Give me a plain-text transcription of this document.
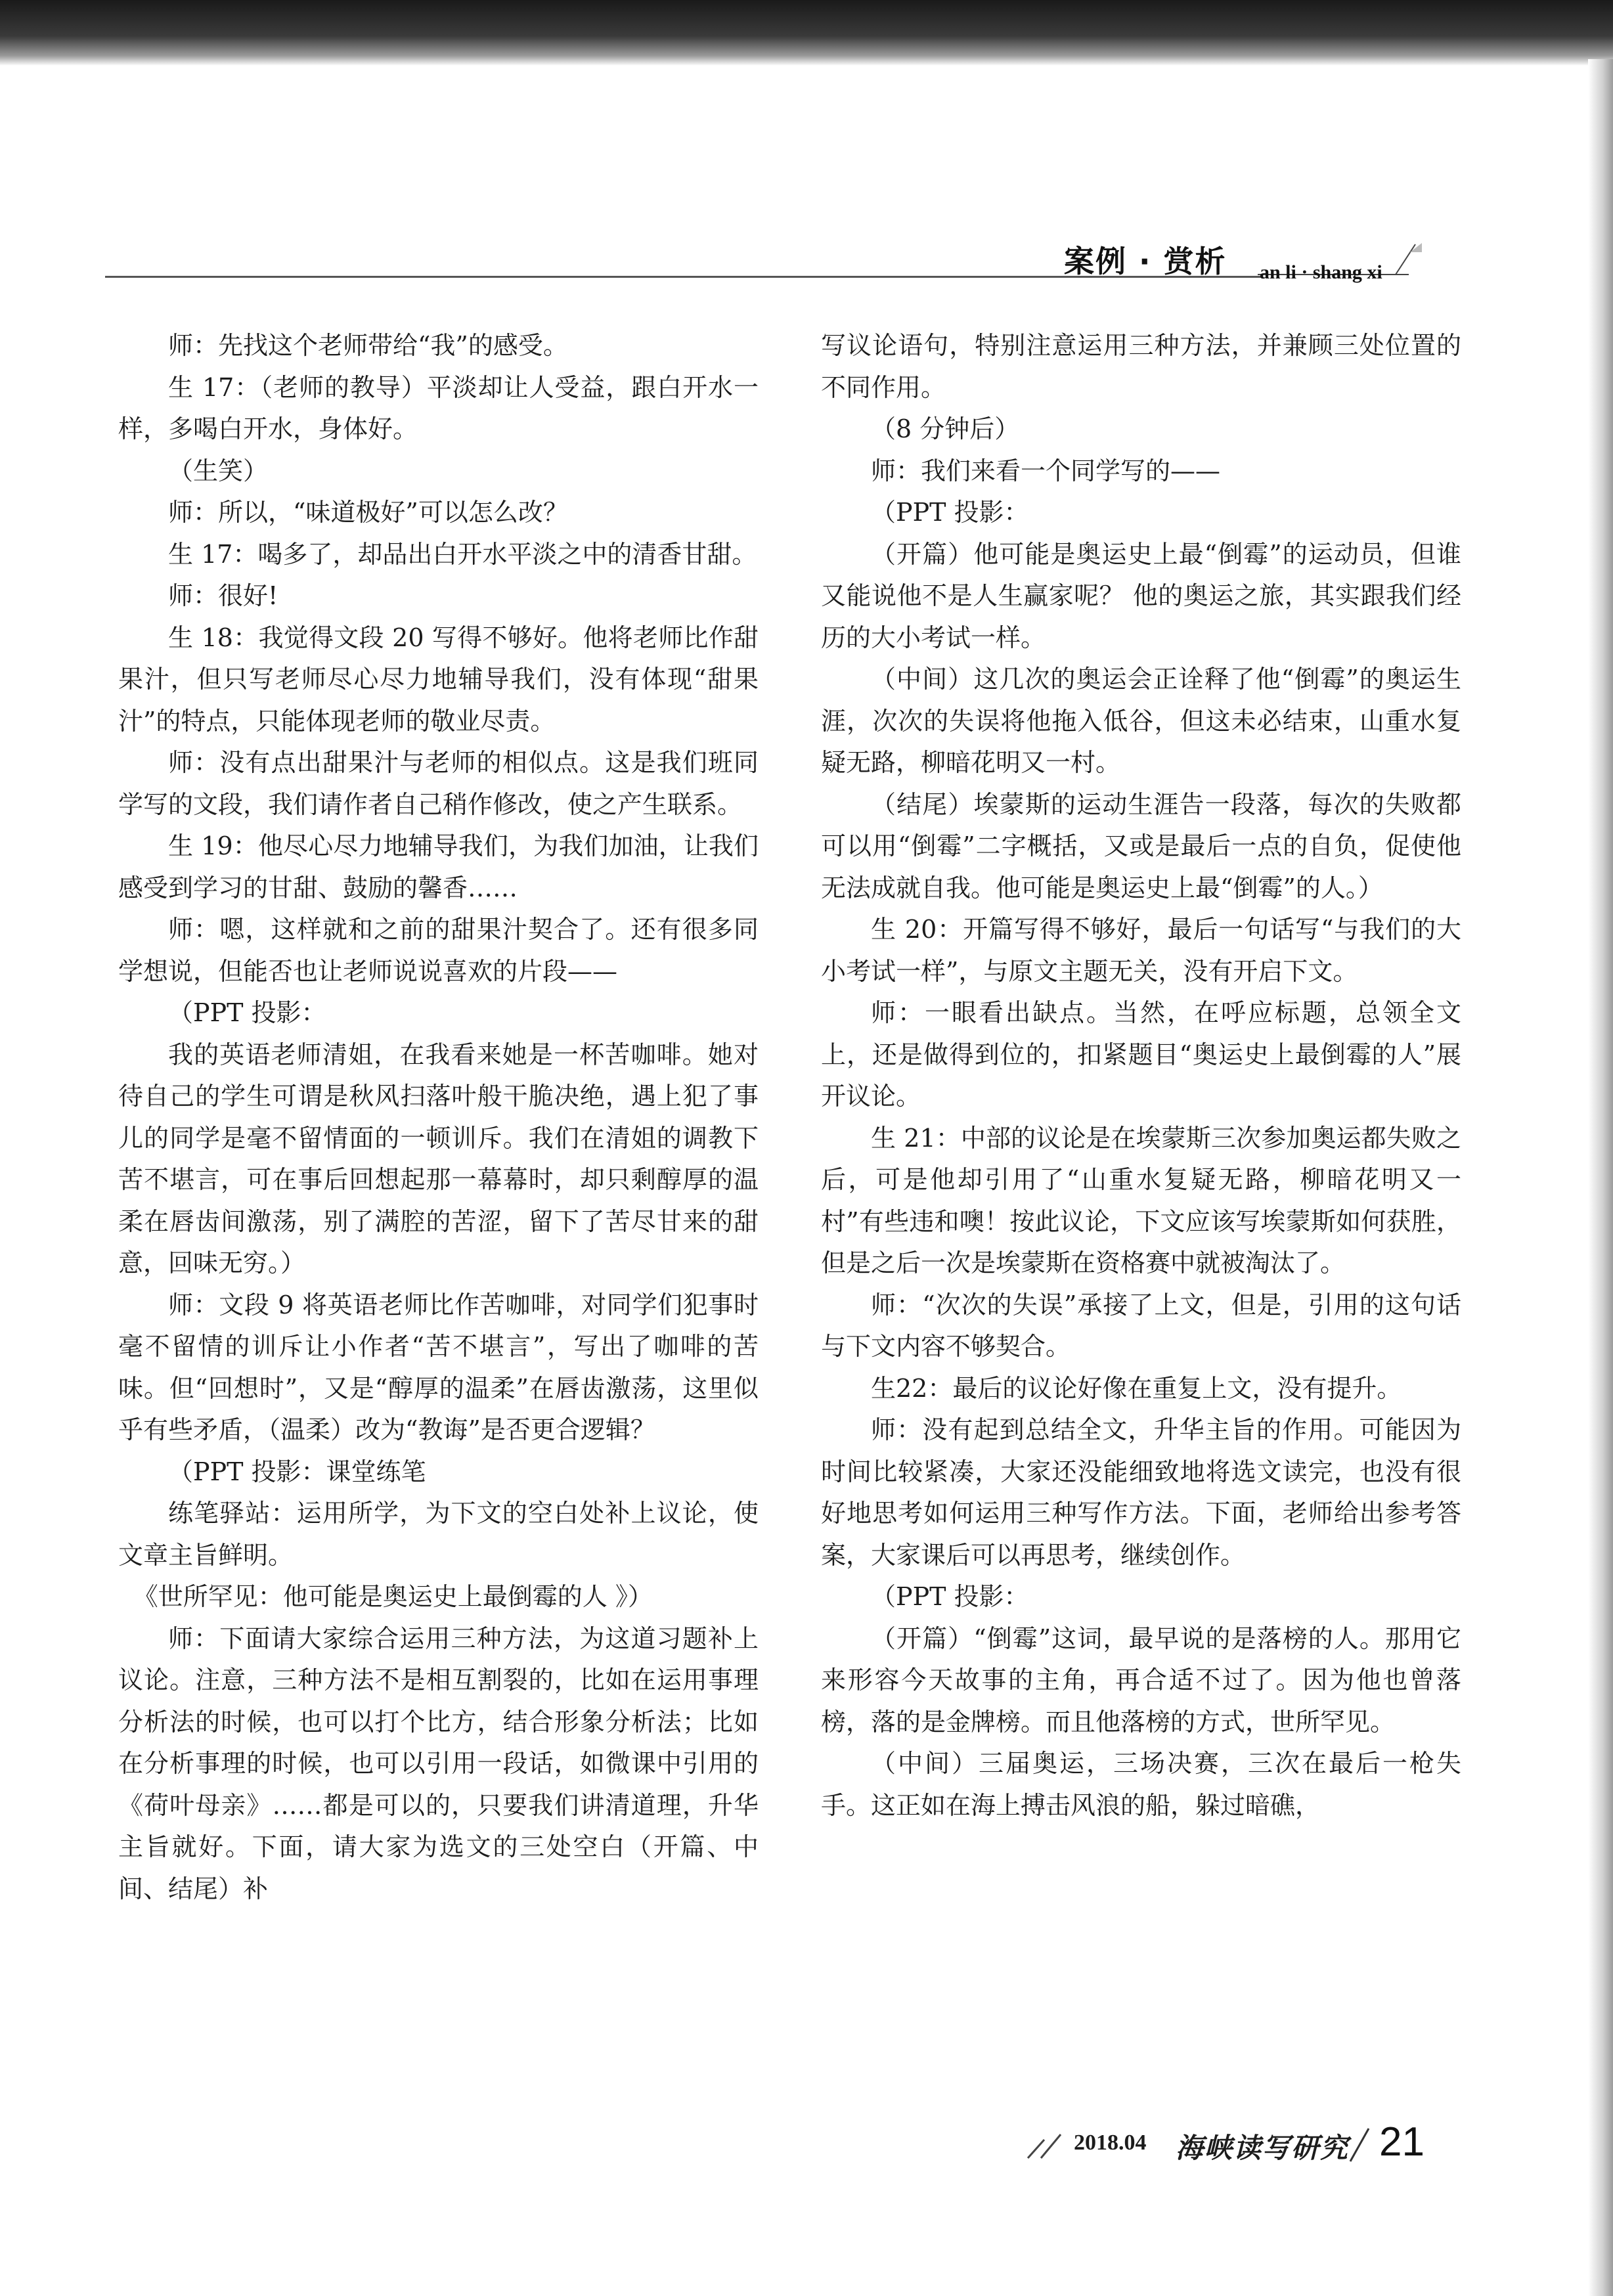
案例 · 赏析 an li · shang xi

师：先找这个老师带给“我”的感受。

生 17：（老师的教导）平淡却让人受益，跟白开水一样，多喝白开水，身体好。

（生笑）

师：所以，“味道极好”可以怎么改？

生 17：喝多了，却品出白开水平淡之中的清香甘甜。

师：很好!

生 18：我觉得文段 20 写得不够好。他将老师比作甜果汁，但只写老师尽心尽力地辅导我们，没有体现“甜果汁”的特点，只能体现老师的敬业尽责。

师：没有点出甜果汁与老师的相似点。这是我们班同学写的文段，我们请作者自己稍作修改，使之产生联系。

生 19：他尽心尽力地辅导我们，为我们加油，让我们感受到学习的甘甜、鼓励的馨香……

师：嗯，这样就和之前的甜果汁契合了。还有很多同学想说，但能否也让老师说说喜欢的片段——

（PPT 投影：

我的英语老师清姐，在我看来她是一杯苦咖啡。她对待自己的学生可谓是秋风扫落叶般干脆决绝，遇上犯了事儿的同学是毫不留情面的一顿训斥。我们在清姐的调教下苦不堪言，可在事后回想起那一幕幕时，却只剩醇厚的温柔在唇齿间激荡，别了满腔的苦涩，留下了苦尽甘来的甜意，回味无穷。）

师：文段 9 将英语老师比作苦咖啡，对同学们犯事时毫不留情的训斥让小作者“苦不堪言”，写出了咖啡的苦味。但“回想时”，又是“醇厚的温柔”在唇齿激荡，这里似乎有些矛盾，（温柔）改为“教诲”是否更合逻辑？

（PPT 投影：课堂练笔

练笔驿站：运用所学，为下文的空白处补上议论，使文章主旨鲜明。

《世所罕见：他可能是奥运史上最倒霉的人 》）

师：下面请大家综合运用三种方法，为这道习题补上议论。注意，三种方法不是相互割裂的，比如在运用事理分析法的时候，也可以打个比方，结合形象分析法；比如在分析事理的时候，也可以引用一段话，如微课中引用的《荷叶母亲》……都是可以的，只要我们讲清道理，升华主旨就好。下面，请大家为选文的三处空白（开篇、中间、结尾）补

写议论语句，特别注意运用三种方法，并兼顾三处位置的不同作用。

（8 分钟后）

师：我们来看一个同学写的——

（PPT 投影：

（开篇）他可能是奥运史上最“倒霉”的运动员，但谁又能说他不是人生赢家呢？ 他的奥运之旅，其实跟我们经历的大小考试一样。

（中间）这几次的奥运会正诠释了他“倒霉”的奥运生涯，次次的失误将他拖入低谷，但这未必结束，山重水复疑无路，柳暗花明又一村。

（结尾）埃蒙斯的运动生涯告一段落，每次的失败都可以用“倒霉”二字概括，又或是最后一点的自负，促使他无法成就自我。他可能是奥运史上最“倒霉”的人。）

生 20：开篇写得不够好，最后一句话写“与我们的大小考试一样”，与原文主题无关，没有开启下文。

师：一眼看出缺点。当然，在呼应标题，总领全文上，还是做得到位的，扣紧题目“奥运史上最倒霉的人”展开议论。

生 21：中部的议论是在埃蒙斯三次参加奥运都失败之后，可是他却引用了“山重水复疑无路，柳暗花明又一村”有些违和噢！按此议论，下文应该写埃蒙斯如何获胜，但是之后一次是埃蒙斯在资格赛中就被淘汰了。

师：“次次的失误”承接了上文，但是，引用的这句话与下文内容不够契合。

生22：最后的议论好像在重复上文，没有提升。

师：没有起到总结全文，升华主旨的作用。可能因为时间比较紧凑，大家还没能细致地将选文读完，也没有很好地思考如何运用三种写作方法。下面，老师给出参考答案，大家课后可以再思考，继续创作。

（PPT 投影：

（开篇）“倒霉”这词，最早说的是落榜的人。那用它来形容今天故事的主角，再合适不过了。因为他也曾落榜，落的是金牌榜。而且他落榜的方式，世所罕见。

（中间）三届奥运，三场决赛，三次在最后一枪失手。这正如在海上搏击风浪的船，躲过暗礁，

2018.04 海峡读写研究 21
